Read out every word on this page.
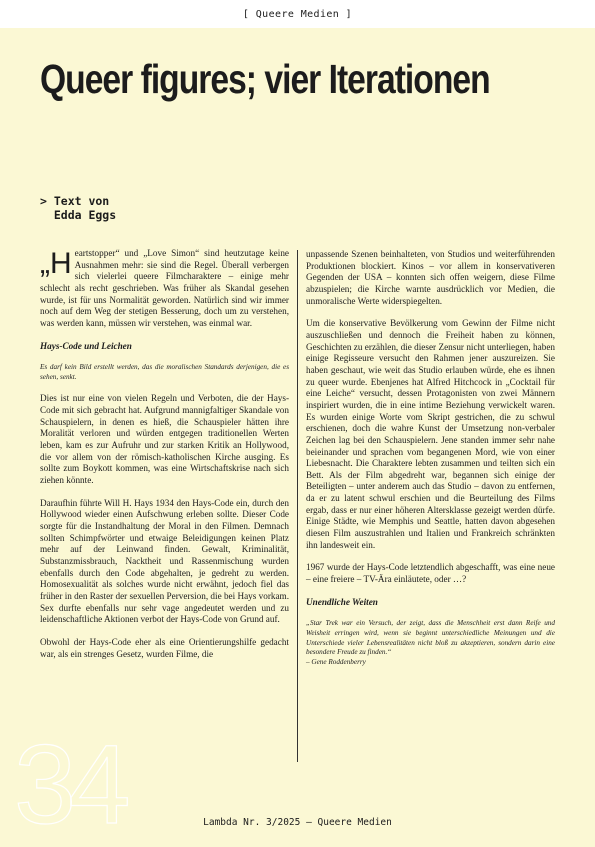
[ Queere Medien ]
Queer figures; vier Iterationen
> Text von
Edda Eggs

„Heartstopper“ und „Love Simon“ sind heutzutage keine Ausnahmen mehr: sie sind die Regel. Überall verbergen sich vielerlei queere Filmcharaktere – einige mehr schlecht als recht geschrieben. Was früher als Skandal gesehen wurde, ist für uns Normalität geworden. Natürlich sind wir immer noch auf dem Weg der stetigen Besserung, doch um zu verstehen, was werden kann, müssen wir verstehen, was einmal war.

Hays-Code und Leichen

Es darf kein Bild erstellt werden, das die moralischen Standards derjenigen, die es sehen, senkt.

Dies ist nur eine von vielen Regeln und Verboten, die der Hays-Code mit sich gebracht hat. Aufgrund mannigfaltiger Skandale von Schauspielern, in denen es hieß, die Schauspieler hätten ihre Moralität verloren und würden entgegen traditionellen Werten leben, kam es zur Aufruhr und zur starken Kritik an Hollywood, die vor allem von der römisch-katholischen Kirche ausging. Es sollte zum Boykott kommen, was eine Wirtschaftskrise nach sich ziehen könnte.

Daraufhin führte Will H. Hays 1934 den Hays-Code ein, durch den Hollywood wieder einen Aufschwung erleben sollte. Dieser Code sorgte für die Instandhaltung der Moral in den Filmen. Demnach sollten Schimpfwörter und etwaige Beleidigungen keinen Platz mehr auf der Leinwand finden. Gewalt, Kriminalität, Substanzmissbrauch, Nacktheit und Rassenmischung wurden ebenfalls durch den Code abgehalten, je gedreht zu werden. Homosexualität als solches wurde nicht erwähnt, jedoch fiel das früher in den Raster der sexuellen Perversion, die bei Hays vorkam. Sex durfte ebenfalls nur sehr vage angedeutet werden und zu leidenschaftliche Aktionen verbot der Hays-Code von Grund auf.

Obwohl der Hays-Code eher als eine Orientierungshilfe gedacht war, als ein strenges Gesetz, wurden Filme, die

unpassende Szenen beinhalteten, von Studios und weiterführenden Produktionen blockiert. Kinos – vor allem in konservativeren Gegenden der USA – konnten sich offen weigern, diese Filme abzuspielen; die Kirche warnte ausdrücklich vor Medien, die unmoralische Werte widerspiegelten.

Um die konservative Bevölkerung vom Gewinn der Filme nicht auszuschließen und dennoch die Freiheit haben zu können, Geschichten zu erzählen, die dieser Zensur nicht unterliegen, haben einige Regisseure versucht den Rahmen jener auszureizen. Sie haben geschaut, wie weit das Studio erlauben würde, ehe es ihnen zu queer wurde. Ebenjenes hat Alfred Hitchcock in „Cocktail für eine Leiche“ versucht, dessen Protagonisten von zwei Männern inspiriert wurden, die in eine intime Beziehung verwickelt waren. Es wurden einige Worte vom Skript gestrichen, die zu schwul erschienen, doch die wahre Kunst der Umsetzung non-verbaler Zeichen lag bei den Schauspielern. Jene standen immer sehr nahe beieinander und sprachen vom begangenen Mord, wie von einer Liebesnacht. Die Charaktere lebten zusammen und teilten sich ein Bett. Als der Film abgedreht war, begannen sich einige der Beteiligten – unter anderem auch das Studio – davon zu entfernen, da er zu latent schwul erschien und die Beurteilung des Films ergab, dass er nur einer höheren Altersklasse gezeigt werden dürfe. Einige Städte, wie Memphis und Seattle, hatten davon abgesehen diesen Film auszustrahlen und Italien und Frankreich schränkten ihn landesweit ein.

1967 wurde der Hays-Code letztendlich abgeschafft, was eine neue – eine freiere – TV-Ära einläutete, oder …?

Unendliche Weiten

„Star Trek war ein Versuch, der zeigt, dass die Menschheit erst dann Reife und Weisheit erringen wird, wenn sie beginnt unterschiedliche Meinungen und die Unterschiede vieler Lebensrealitäten nicht bloß zu akzeptieren, sondern darin eine besondere Freude zu finden.“
– Gene Roddenberry

34	Lambda Nr. 3/2025 — Queere Medien
